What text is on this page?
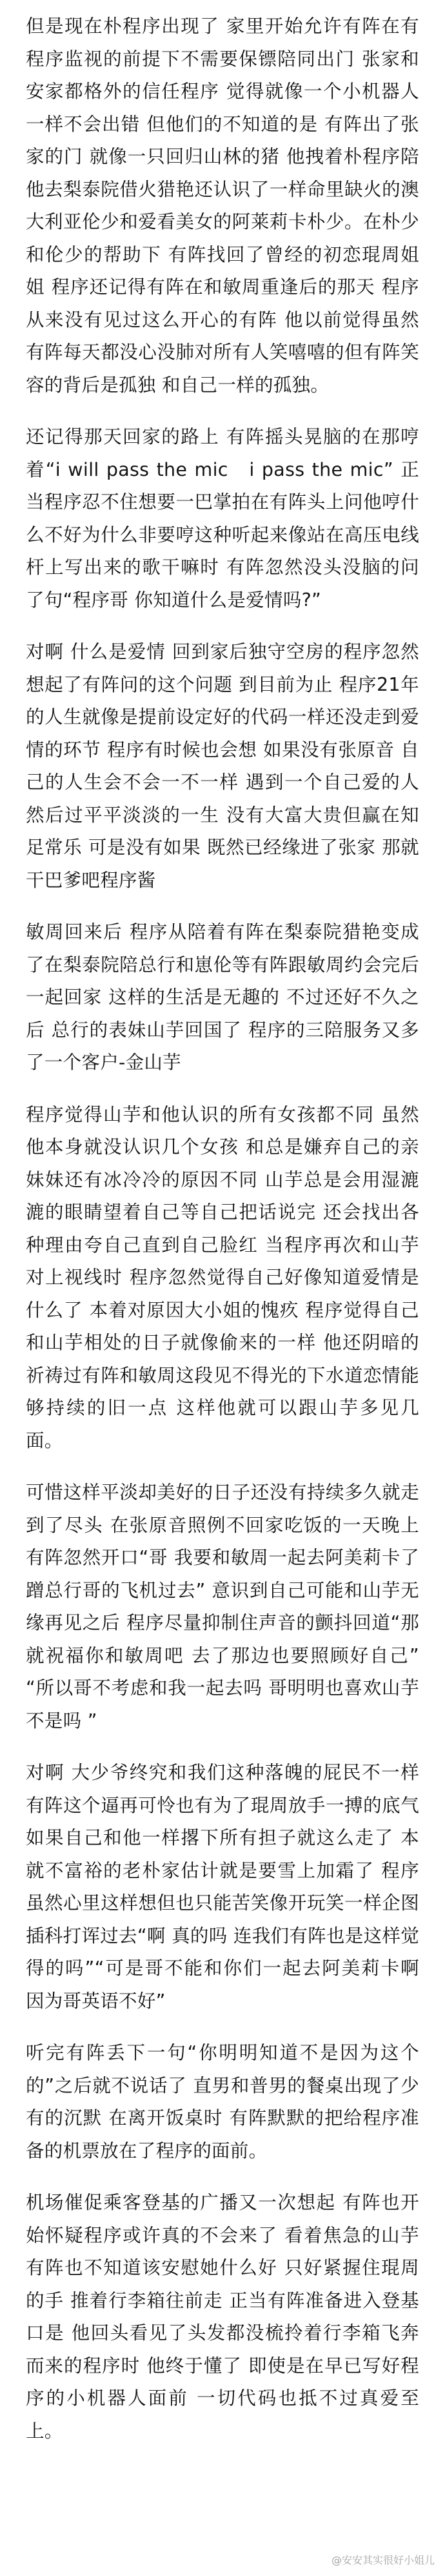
但是现在朴程序出现了 家里开始允许有阵在有程序监视的前提下不需要保镖陪同出门 张家和安家都格外的信任程序 觉得就像一个小机器人一样不会出错 但他们的不知道的是 有阵出了张家的门 就像一只回归山林的猪 他拽着朴程序陪他去梨泰院借火猎艳还认识了一样命里缺火的澳大利亚伦少和爱看美女的阿莱莉卡朴少。在朴少和伦少的帮助下 有阵找回了曾经的初恋琨周姐姐 程序还记得有阵在和敏周重逢后的那天 程序从来没有见过这么开心的有阵 他以前觉得虽然有阵每天都没心没肺对所有人笑嘻嘻的但有阵笑容的背后是孤独 和自己一样的孤独。

还记得那天回家的路上 有阵摇头晃脑的在那哼着“i will pass the mic　i pass the mic” 正当程序忍不住想要一巴掌拍在有阵头上问他哼什么不好为什么非要哼这种听起来像站在高压电线杆上写出来的歌干嘛时 有阵忽然没头没脑的问了句“程序哥 你知道什么是爱情吗?”

对啊 什么是爱情 回到家后独守空房的程序忽然想起了有阵问的这个问题 到目前为止 程序21年的人生就像是提前设定好的代码一样还没走到爱情的环节 程序有时候也会想 如果没有张原音 自己的人生会不会一不一样 遇到一个自己爱的人 然后过平平淡淡的一生 没有大富大贵但赢在知足常乐 可是没有如果 既然已经缘进了张家 那就干巴爹吧程序酱

敏周回来后 程序从陪着有阵在梨泰院猎艳变成了在梨泰院陪总行和崽伦等有阵跟敏周约会完后一起回家 这样的生活是无趣的 不过还好不久之后 总行的表妹山芋回国了 程序的三陪服务又多了一个客户-金山芋

程序觉得山芋和他认识的所有女孩都不同 虽然他本身就没认识几个女孩 和总是嫌弃自己的亲妹妹还有冰冷冷的原因不同 山芋总是会用湿漉漉的眼睛望着自己等自己把话说完 还会找出各种理由夸自己直到自己脸红 当程序再次和山芋对上视线时 程序忽然觉得自己好像知道爱情是什么了 本着对原因大小姐的愧疚 程序觉得自己和山芋相处的日子就像偷来的一样 他还阴暗的祈祷过有阵和敏周这段见不得光的下水道恋情能够持续的旧一点 这样他就可以跟山芋多见几面。

可惜这样平淡却美好的日子还没有持续多久就走到了尽头 在张原音照例不回家吃饭的一天晚上 有阵忽然开口“哥 我要和敏周一起去阿美莉卡了 蹭总行哥的飞机过去” 意识到自己可能和山芋无缘再见之后 程序尽量抑制住声音的颤抖回道“那就祝福你和敏周吧 去了那边也要照顾好自己” “所以哥不考虑和我一起去吗 哥明明也喜欢山芋不是吗 ”

对啊 大少爷终究和我们这种落魄的屁民不一样 有阵这个逼再可怜也有为了琨周放手一搏的底气 如果自己和他一样撂下所有担子就这么走了 本就不富裕的老朴家估计就是要雪上加霜了 程序虽然心里这样想但也只能苦笑像开玩笑一样企图插科打诨过去“啊 真的吗 连我们有阵也是这样觉得的吗”“可是哥不能和你们一起去阿美莉卡啊 因为哥英语不好”

听完有阵丢下一句“你明明知道不是因为这个的”之后就不说话了 直男和普男的餐桌出现了少有的沉默 在离开饭桌时 有阵默默的把给程序准备的机票放在了程序的面前。

机场催促乘客登基的广播又一次想起 有阵也开始怀疑程序或许真的不会来了 看着焦急的山芋 有阵也不知道该安慰她什么好 只好紧握住琨周的手 推着行李箱往前走 正当有阵准备进入登基口是 他回头看见了头发都没梳拎着行李箱飞奔而来的程序时 他终于懂了 即使是在早已写好程序的小机器人面前 一切代码也抵不过真爱至上。

@安安其实很好小姐儿
